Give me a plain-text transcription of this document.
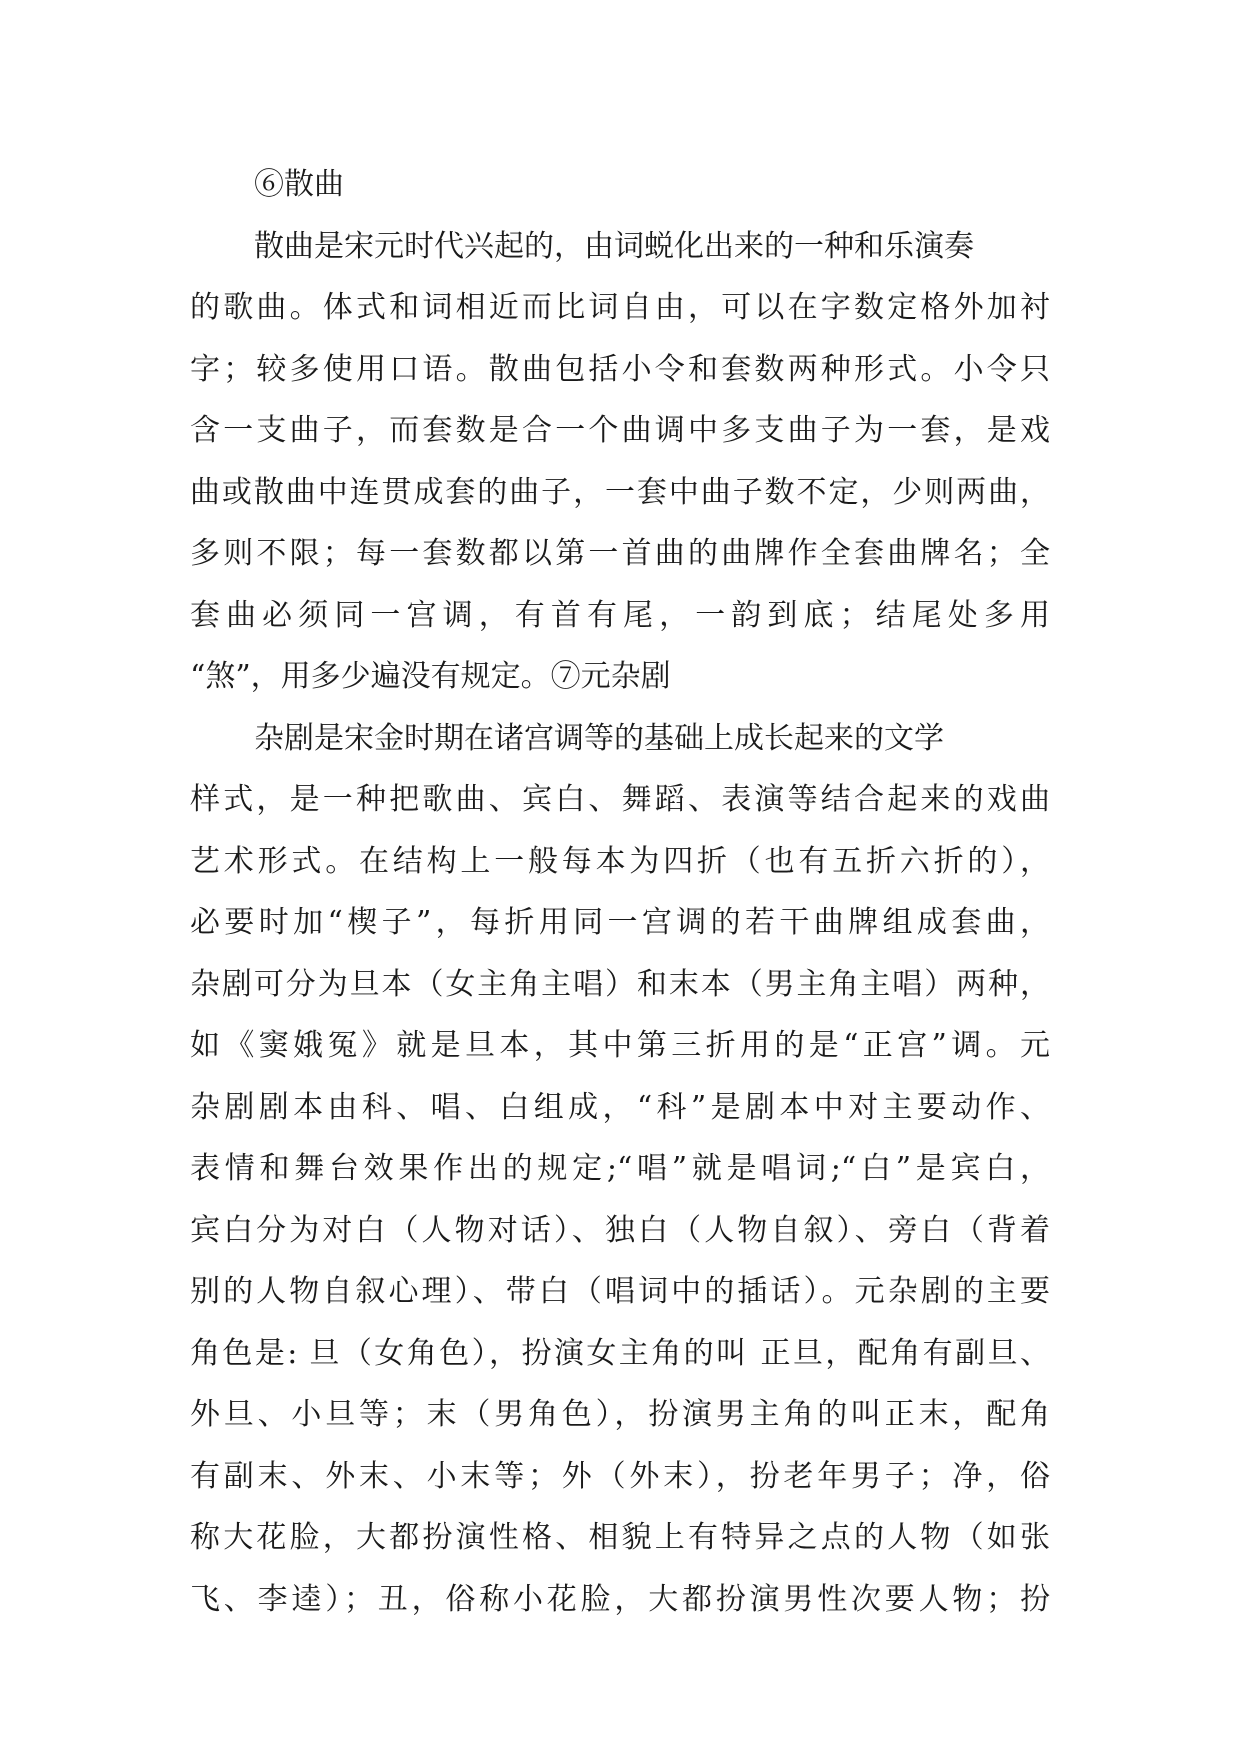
⑥散曲
散曲是宋元时代兴起的，由词蜕化出来的一种和乐演奏
的歌曲。体式和词相近而比词自由，可以在字数定格外加衬
字；较多使用口语。散曲包括小令和套数两种形式。小令只
含一支曲子，而套数是合一个曲调中多支曲子为一套，是戏
曲或散曲中连贯成套的曲子，一套中曲子数不定，少则两曲，
多则不限；每一套数都以第一首曲的曲牌作全套曲牌名；全
套曲必须同一宫调，有首有尾，一韵到底；结尾处多用
“煞”，用多少遍没有规定。⑦元杂剧
杂剧是宋金时期在诸宫调等的基础上成长起来的文学
样式，是一种把歌曲、宾白、舞蹈、表演等结合起来的戏曲
艺术形式。在结构上一般每本为四折（也有五折六折的），
必要时加“楔子”，每折用同一宫调的若干曲牌组成套曲，
杂剧可分为旦本（女主角主唱）和末本（男主角主唱）两种，
如《窦娥冤》就是旦本，其中第三折用的是“正宫”调。元
杂剧剧本由科、唱、白组成，“科”是剧本中对主要动作、
表情和舞台效果作出的规定;“唱”就是唱词;“白”是宾白，
宾白分为对白（人物对话）、独白（人物自叙）、旁白（背着
别的人物自叙心理）、带白（唱词中的插话）。元杂剧的主要
角色是: 旦（女角色），扮演女主角的叫 正旦，配角有副旦、
外旦、小旦等；末（男角色），扮演男主角的叫正末，配角
有副末、外末、小末等；外（外末），扮老年男子；净，俗
称大花脸，大都扮演性格、相貌上有特异之点的人物（如张
飞、李逵）；丑，俗称小花脸，大都扮演男性次要人物；扮
